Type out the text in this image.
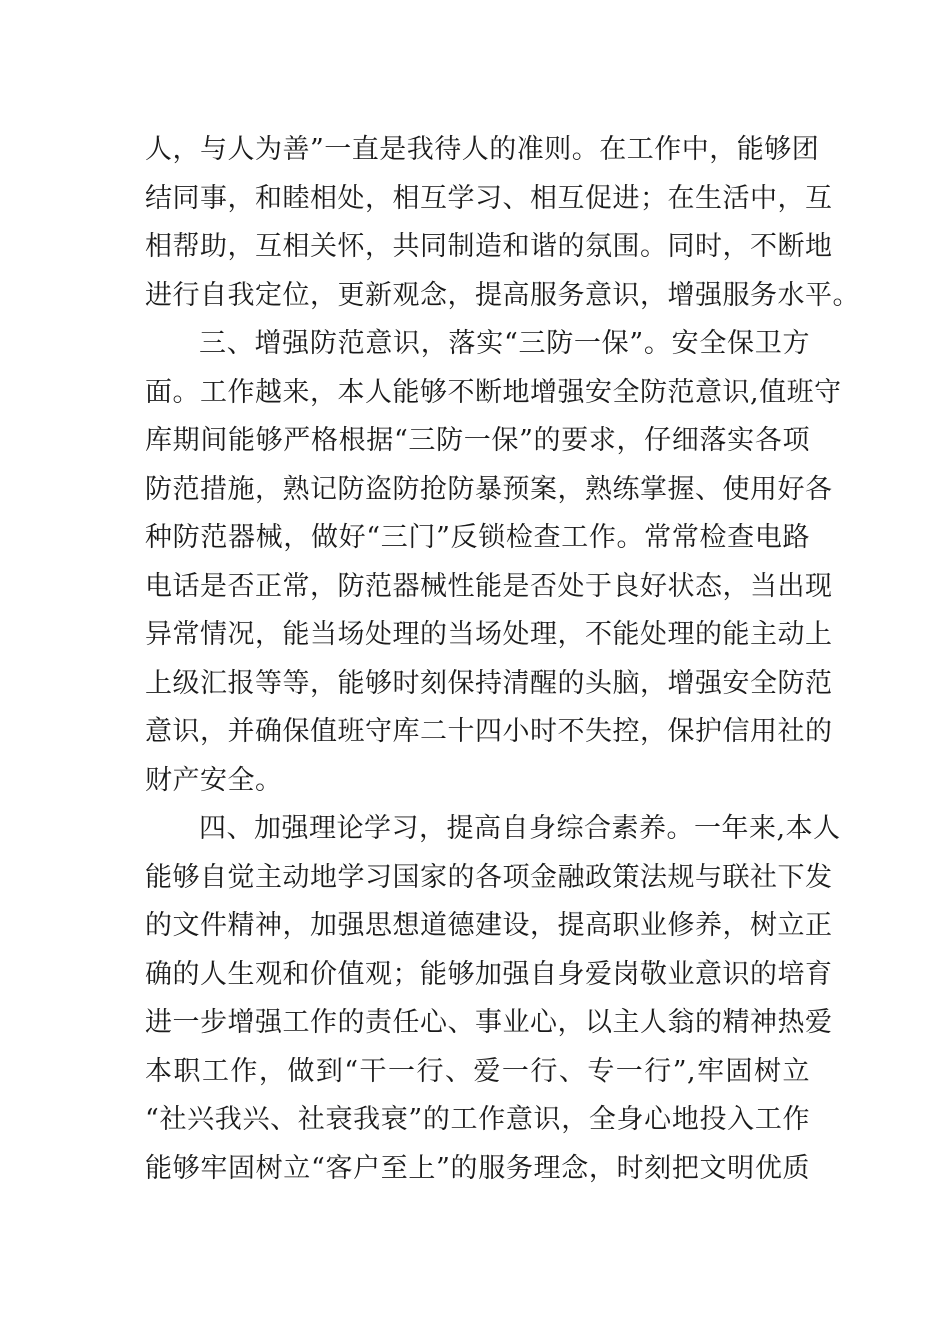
人，与人为善”一直是我待人的准则。在工作中，能够团
结同事，和睦相处，相互学习、相互促进；在生活中，互
相帮助，互相关怀，共同制造和谐的氛围。同时，不断地
进行自我定位，更新观念，提高服务意识，增强服务水平。
三、增强防范意识，落实“三防一保”。安全保卫方
面。工作越来，本人能够不断地增强安全防范意识,值班守
库期间能够严格根据“三防一保”的要求，仔细落实各项
防范措施，熟记防盗防抢防暴预案，熟练掌握、使用好各
种防范器械，做好“三门”反锁检查工作。常常检查电路
电话是否正常，防范器械性能是否处于良好状态，当出现
异常情况，能当场处理的当场处理，不能处理的能主动上
上级汇报等等，能够时刻保持清醒的头脑，增强安全防范
意识，并确保值班守库二十四小时不失控，保护信用社的
财产安全。
四、加强理论学习，提高自身综合素养。一年来,本人
能够自觉主动地学习国家的各项金融政策法规与联社下发
的文件精神，加强思想道德建设，提高职业修养，树立正
确的人生观和价值观；能够加强自身爱岗敬业意识的培育
进一步增强工作的责任心、事业心，以主人翁的精神热爱
本职工作，做到“干一行、爱一行、专一行”,牢固树立
“社兴我兴、社衰我衰”的工作意识，全身心地投入工作
能够牢固树立“客户至上”的服务理念，时刻把文明优质
